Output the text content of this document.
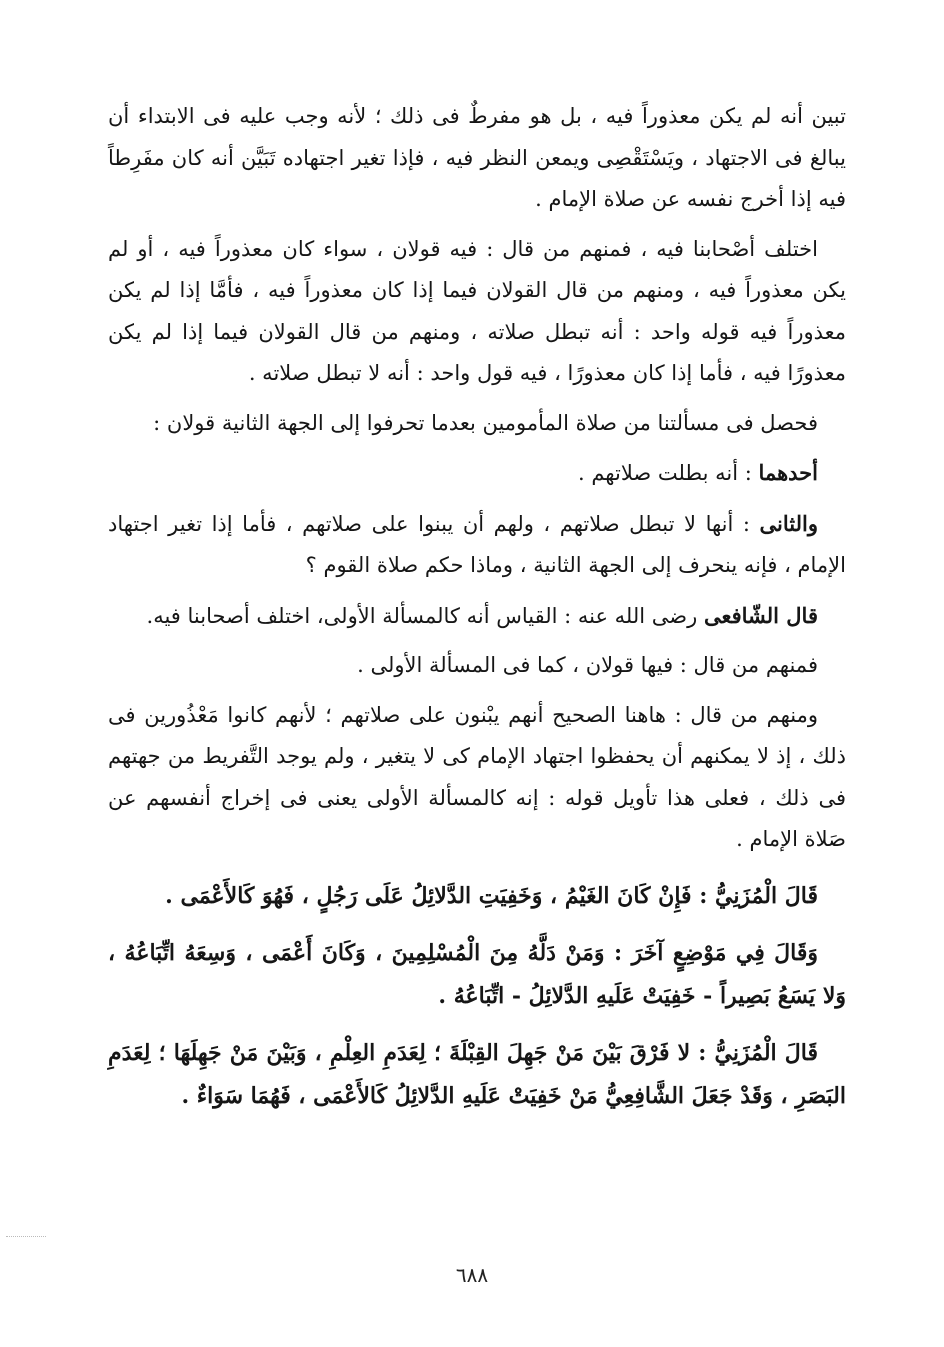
تبين أنه لم يكن معذوراً فيه ، بل هو مفرطٌ فى ذلك ؛ لأنه وجب عليه فى الابتداء أن يبالغ فى الاجتهاد ، ويَسْتَقْصِى ويمعن النظر فيه ، فإذا تغير اجتهاده تَبَيَّن أنه كان مفَرِطاً فيه إذا أخرج نفسه عن صلاة الإمام .

اختلف أصْحابنا فيه ، فمنهم من قال : فيه قولان ، سواء كان معذوراً فيه ، أو لم يكن معذوراً فيه ، ومنهم من قال القولان فيما إذا كان معذوراً فيه ، فأمَّا إذا لم يكن معذوراً فيه قوله واحد : أنه تبطل صلاته ، ومنهم من قال القولان فيما إذا لم يكن معذورًا فيه ، فأما إذا كان معذورًا ، فيه قول واحد : أنه لا تبطل صلاته .

فحصل فى مسألتنا من صلاة المأمومين بعدما تحرفوا إلى الجهة الثانية قولان :

أحدهما : أنه بطلت صلاتهم .

والثانى : أنها لا تبطل صلاتهم ، ولهم أن يبنوا على صلاتهم ، فأما إذا تغير اجتهاد الإمام ، فإنه ينحرف إلى الجهة الثانية ، وماذا حكم صلاة القوم ؟

قال الشّافعى رضى الله عنه : القياس أنه كالمسألة الأولى، اختلف أصحابنا فيه.

فمنهم من قال : فيها قولان ، كما فى المسألة الأولى .

ومنهم من قال : هاهنا الصحيح أنهم يبْنون على صلاتهم ؛ لأنهم كانوا مَعْذُورين فى ذلك ، إذ لا يمكنهم أن يحفظوا اجتهاد الإمام كى لا يتغير ، ولم يوجد التَّفريط من جهتهم فى ذلك ، فعلى هذا تأويل قوله : إنه كالمسألة الأولى يعنى فى إخراج أنفسهم عن صَلاة الإمام .

قَالَ الْمُزَنِيُّ : فَإِنْ كَانَ الغَيْمُ ، وَخَفِيَتِ الدَّلائِلُ عَلَى رَجُلٍ ، فَهُوَ كَالأَعْمَى .

وَقَالَ فِي مَوْضِعٍ آخَرَ : وَمَنْ دَلَّهُ مِنَ الْمُسْلِمِينَ ، وَكَانَ أَعْمَى ، وَسِعَهُ اتِّبَاعُهُ ، وَلا يَسَعُ بَصِيراً - خَفِيَتْ عَلَيهِ الدَّلائِلُ - اتِّبَاعُهُ .

قَالَ الْمُزَنِيُّ : لا فَرْقَ بَيْنَ مَنْ جَهِلَ القِبْلَةَ ؛ لِعَدَمِ العِلْمِ ، وَبَيْنَ مَنْ جَهِلَهَا ؛ لِعَدَمِ البَصَرِ ، وَقَدْ جَعَلَ الشَّافِعِيُّ مَنْ خَفِيَتْ عَلَيهِ الدَّلائِلُ كَالأَعْمَى ، فَهُمَا سَوَاءٌ .

٦٨٨
